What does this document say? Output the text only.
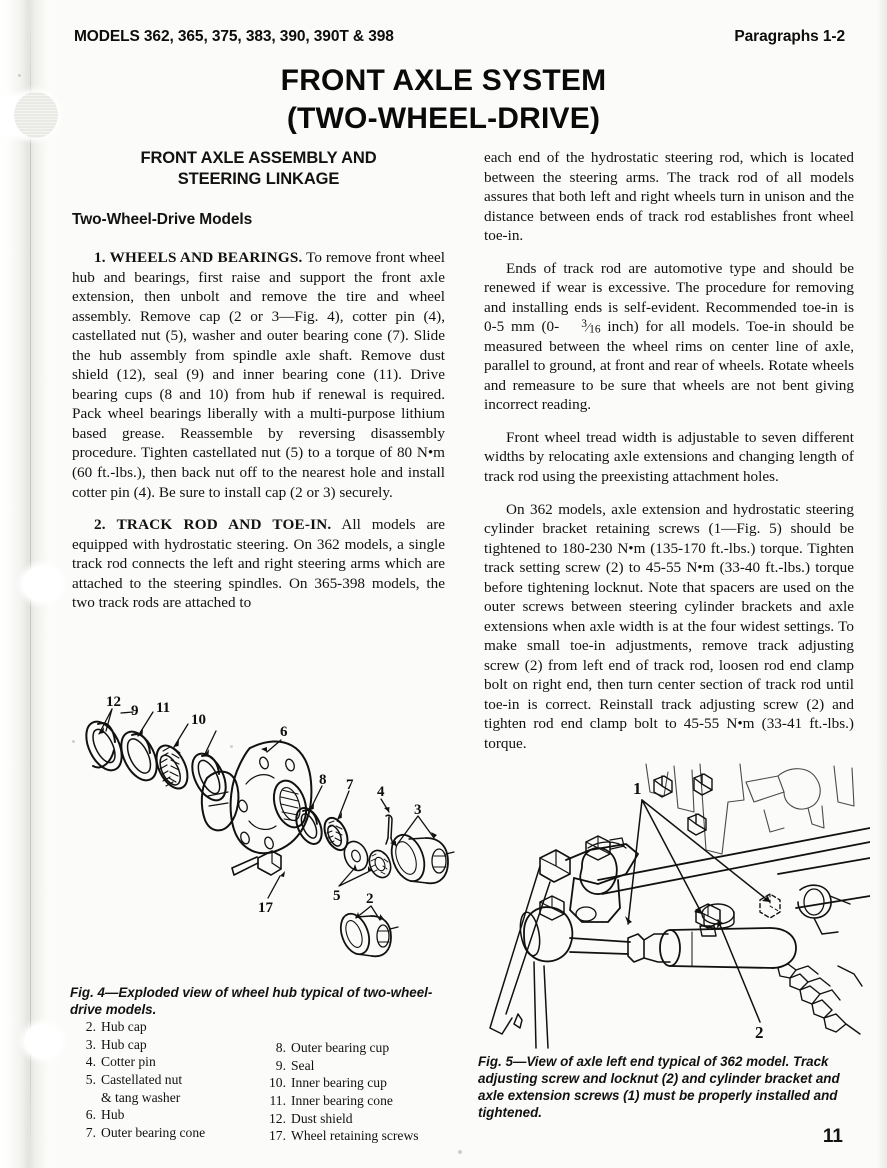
MODELS 362, 365, 375, 383, 390, 390T & 398	Paragraphs 1-2
FRONT AXLE SYSTEM
(TWO-WHEEL-DRIVE)
FRONT AXLE ASSEMBLY AND
STEERING LINKAGE
Two-Wheel-Drive Models

1. WHEELS AND BEARINGS. To remove front wheel hub and bearings, first raise and support the front axle extension, then unbolt and remove the tire and wheel assembly. Remove cap (2 or 3—Fig. 4), cotter pin (4), castellated nut (5), washer and outer bearing cone (7). Slide the hub assembly from spindle axle shaft. Remove dust shield (12), seal (9) and inner bearing cone (11). Drive bearing cups (8 and 10) from hub if renewal is required. Pack wheel bearings liberally with a multi-purpose lithium based grease. Reassemble by reversing disassembly procedure. Tighten castellated nut (5) to a torque of 80 N•m (60 ft.-lbs.), then back nut off to the nearest hole and install cotter pin (4). Be sure to install cap (2 or 3) securely.

2. TRACK ROD AND TOE-IN. All models are equipped with hydrostatic steering. On 362 models, a single track rod connects the left and right steering arms which are attached to the steering spindles. On 365-398 models, the two track rods are attached to

each end of the hydrostatic steering rod, which is located between the steering arms. The track rod of all models assures that both left and right wheels turn in unison and the distance between ends of track rod establishes front wheel toe-in.

Ends of track rod are automotive type and should be renewed if wear is excessive. The procedure for removing and installing ends is self-evident. Recommended toe-in is 0-5 mm (0- $^3⁄_{16}$ inch) for all models. Toe-in should be measured between the wheel rims on center line of axle, parallel to ground, at front and rear of wheels. Rotate wheels and remeasure to be sure that wheels are not bent giving incorrect reading.

Front wheel tread width is adjustable to seven different widths by relocating axle extensions and changing length of track rod using the preexisting attachment holes.

On 362 models, axle extension and hydrostatic steering cylinder bracket retaining screws (1—Fig. 5) should be tightened to 180-230 N•m (135-170 ft.-lbs.) torque. Tighten track setting screw (2) to 45-55 N•m (33-40 ft.-lbs.) torque before tightening locknut. Note that spacers are used on the outer screws between steering cylinder brackets and axle extensions when axle width is at the four widest settings. To make small toe-in adjustments, remove track adjusting screw (2) from left end of track rod, loosen rod end clamp bolt on right end, then turn center section of track rod until toe-in is correct. Reinstall track adjusting screw (2) and tighten rod end clamp bolt to 45-55 N•m (33-41 ft.-lbs.) torque.

12
9 11
10
6
8 7 4
3
5
17
2
Fig. 4—Exploded view of wheel hub typical of two-wheel-drive models.
2. Hub cap
3. Hub cap
4. Cotter pin
5. Castellated nut
& tang washer
6. Hub
7. Outer bearing cone
8. Outer bearing cup
9. Seal
10. Inner bearing cup
11. Inner bearing cone
12. Dust shield
17. Wheel retaining screws
1
2
Fig. 5—View of axle left end typical of 362 model. Track adjusting screw and locknut (2) and cylinder bracket and axle extension screws (1) must be properly installed and tightened.
11
